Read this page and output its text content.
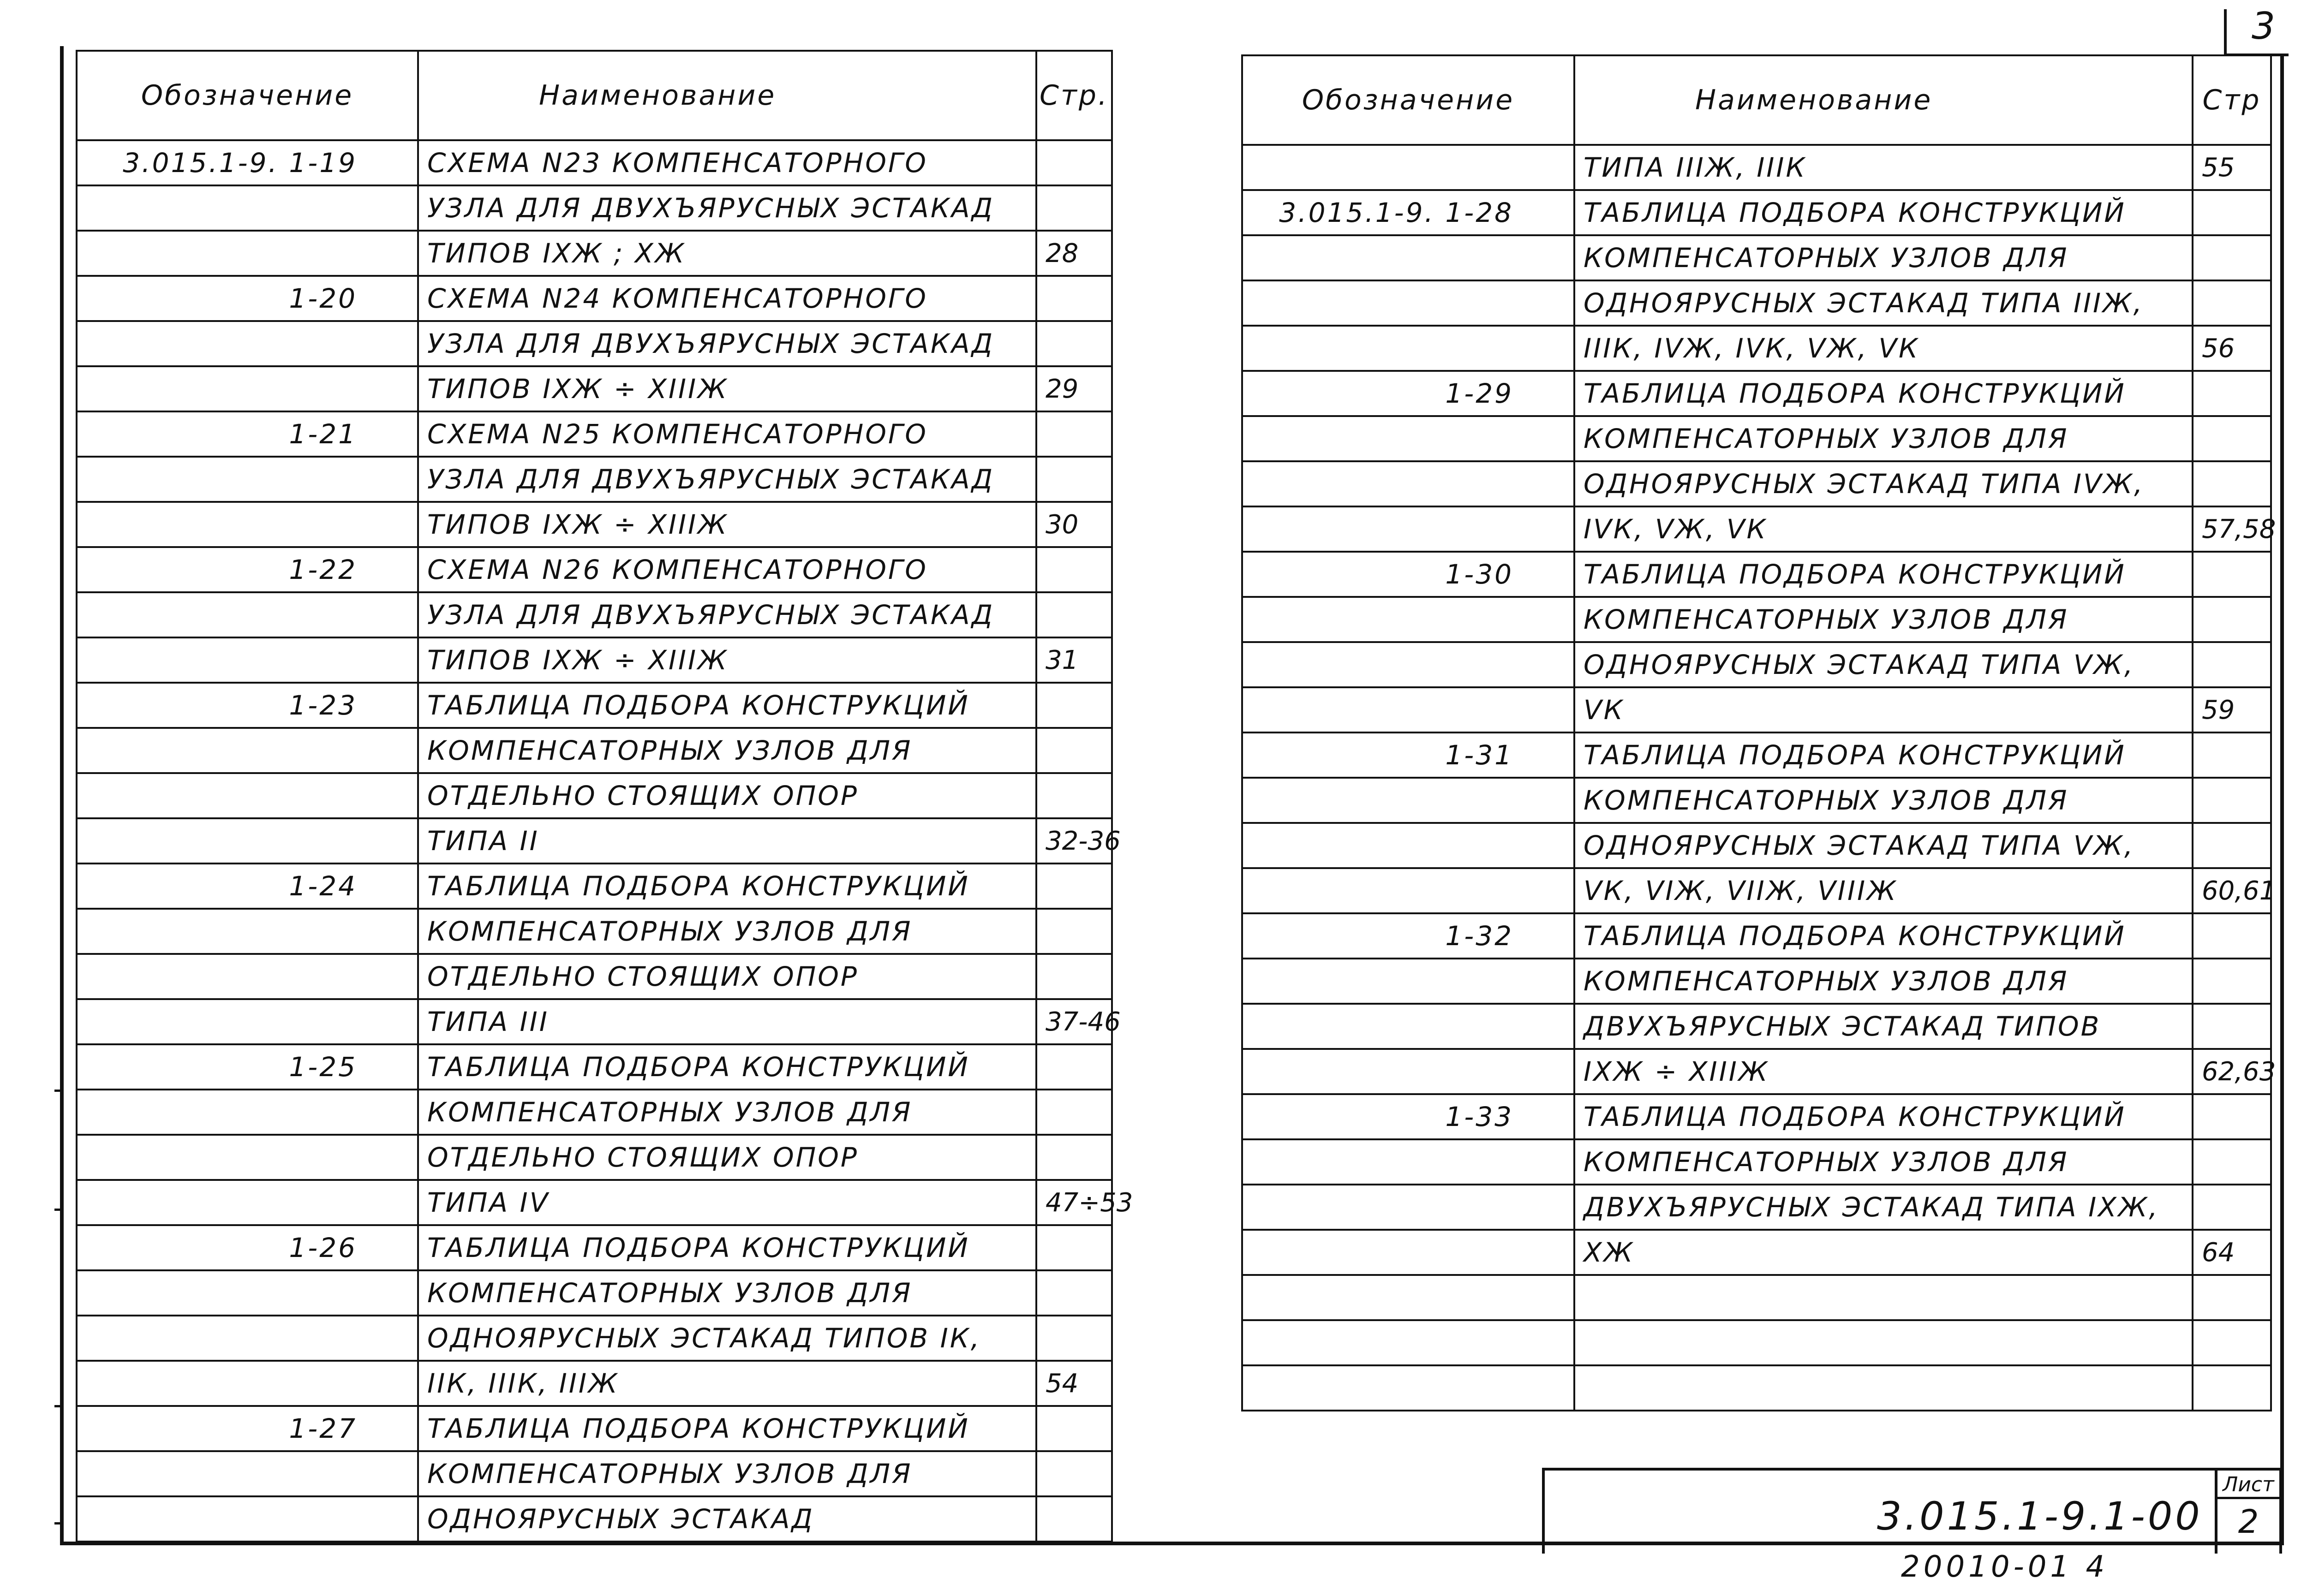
3
Обозначение	Наименование	Стр.
3.015.1-9. 1-19	СХЕМА N23 КОМПЕНСАТОРНОГО	
	УЗЛА ДЛЯ ДВУХЪЯРУСНЫХ ЭСТАКАД	
	ТИПОВ IXЖ ; XЖ	28
1-20	СХЕМА N24 КОМПЕНСАТОРНОГО	
	УЗЛА ДЛЯ ДВУХЪЯРУСНЫХ ЭСТАКАД	
	ТИПОВ IXЖ ÷ XIIIЖ	29
1-21	СХЕМА N25 КОМПЕНСАТОРНОГО	
	УЗЛА ДЛЯ ДВУХЪЯРУСНЫХ ЭСТАКАД	
	ТИПОВ IXЖ ÷ XIIIЖ	30
1-22	СХЕМА N26 КОМПЕНСАТОРНОГО	
	УЗЛА ДЛЯ ДВУХЪЯРУСНЫХ ЭСТАКАД	
	ТИПОВ IXЖ ÷ XIIIЖ	31
1-23	ТАБЛИЦА ПОДБОРА КОНСТРУКЦИЙ	
	КОМПЕНСАТОРНЫХ УЗЛОВ ДЛЯ	
	ОТДЕЛЬНО СТОЯЩИХ ОПОР	
	ТИПА II	32-36
1-24	ТАБЛИЦА ПОДБОРА КОНСТРУКЦИЙ	
	КОМПЕНСАТОРНЫХ УЗЛОВ ДЛЯ	
	ОТДЕЛЬНО СТОЯЩИХ ОПОР	
	ТИПА III	37-46
1-25	ТАБЛИЦА ПОДБОРА КОНСТРУКЦИЙ	
	КОМПЕНСАТОРНЫХ УЗЛОВ ДЛЯ	
	ОТДЕЛЬНО СТОЯЩИХ ОПОР	
	ТИПА IV	47÷53
1-26	ТАБЛИЦА ПОДБОРА КОНСТРУКЦИЙ	
	КОМПЕНСАТОРНЫХ УЗЛОВ ДЛЯ	
	ОДНОЯРУСНЫХ ЭСТАКАД ТИПОВ IК,	
	IIК, IIIК, IIIЖ	54
1-27	ТАБЛИЦА ПОДБОРА КОНСТРУКЦИЙ	
	КОМПЕНСАТОРНЫХ УЗЛОВ ДЛЯ	
	ОДНОЯРУСНЫХ ЭСТАКАД	
Обозначение	Наименование	Стр
	ТИПА IIIЖ, IIIК	55
3.015.1-9. 1-28	ТАБЛИЦА ПОДБОРА КОНСТРУКЦИЙ	
	КОМПЕНСАТОРНЫХ УЗЛОВ ДЛЯ	
	ОДНОЯРУСНЫХ ЭСТАКАД ТИПА IIIЖ,	
	IIIК, IVЖ, IVК, VЖ, VК	56
1-29	ТАБЛИЦА ПОДБОРА КОНСТРУКЦИЙ	
	КОМПЕНСАТОРНЫХ УЗЛОВ ДЛЯ	
	ОДНОЯРУСНЫХ ЭСТАКАД ТИПА IVЖ,	
	IVК, VЖ, VК	57,58
1-30	ТАБЛИЦА ПОДБОРА КОНСТРУКЦИЙ	
	КОМПЕНСАТОРНЫХ УЗЛОВ ДЛЯ	
	ОДНОЯРУСНЫХ ЭСТАКАД ТИПА VЖ,	
	VК	59
1-31	ТАБЛИЦА ПОДБОРА КОНСТРУКЦИЙ	
	КОМПЕНСАТОРНЫХ УЗЛОВ ДЛЯ	
	ОДНОЯРУСНЫХ ЭСТАКАД ТИПА VЖ,	
	VК, VIЖ, VIIЖ, VIIIЖ	60,61
1-32	ТАБЛИЦА ПОДБОРА КОНСТРУКЦИЙ	
	КОМПЕНСАТОРНЫХ УЗЛОВ ДЛЯ	
	ДВУХЪЯРУСНЫХ ЭСТАКАД ТИПОВ	
	IXЖ ÷ XIIIЖ	62,63
1-33	ТАБЛИЦА ПОДБОРА КОНСТРУКЦИЙ	
	КОМПЕНСАТОРНЫХ УЗЛОВ ДЛЯ	
	ДВУХЪЯРУСНЫХ ЭСТАКАД ТИПА IXЖ,	
	XЖ	64

3.015.1-9.1-00
Лист
2
20010-01 4
